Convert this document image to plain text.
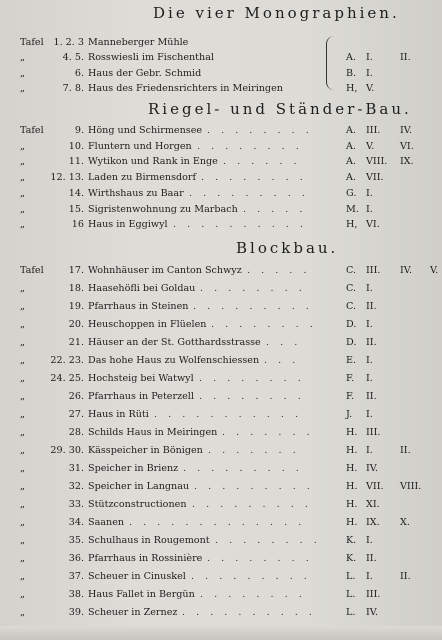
Die vier Monographien.
Riegel- und Ständer-Bau.
Blockbau.
Tafel 1. 2. 3 Manneberger Mühle
„	4. 5. Rosswiesli im Fischenthal	A. I.	II.
„	6. Haus der Gebr. Schmid	B. I.
„	7. 8. Haus des Friedensrichters in Meiringen	H, V.
Tafel	9. Höng und Schirmensee . . . . . . . .	A. III. IV.
„	10. Fluntern und Horgen . . . . . . . .	A. V.	VI.
„	11. Wytikon und Rank in Enge . . . . . .	A. VIII. IX.
„	12. 13. Laden zu Birmensdorf . . . . . . . .	A. VII.
„	14. Wirthshaus zu Baar . . . . . . . . .	G. I.
„	15. Sigristenwohnung zu Marbach . . . . .	M. I.
„	16 Haus in Eggiwyl . . . . . . . . . .	H, VI.
Tafel	17. Wohnhäuser im Canton Schwyz . . . . .	C. III. IV. V.
„	18. Haasehöfli bei Goldau . . . . . . . .	C. I.
„	19. Pfarrhaus in Steinen . . . . . . . . .	C. II.
„	20. Heuschoppen in Flüelen . . . . . . . .	D. I.
„	21. Häuser an der St. Gotthardsstrasse . . .	D. II.
„	22. 23. Das hohe Haus zu Wolfenschiessen . . .	E. I.
„	24. 25. Hochsteig bei Watwyl . . . . . . . .	F. I.
„	26. Pfarrhaus in Peterzell . . . . . . . .	F. II.
„	27. Haus in Rüti . . . . . . . . . . .	J. I.
„	28. Schilds Haus in Meiringen . . . . . . .	H. III.
„	29. 30. Kässpeicher in Bönigen . . . . . . .	H. I.	II.
„	31. Speicher in Brienz . . . . . . . . .	H. IV.
„	32. Speicher in Langnau . . . . . . . . .	H. VII. VIII.
„	33. Stützconstructionen . . . . . . . . .	H. XI.
„	34. Saanen . . . . . . . . . . . . .	H. IX. X.
„	35. Schulhaus in Rougemont . . . . . . . .	K. I.
„	36. Pfarrhaus in Rossinière . . . . . . . .	K. II.
„	37. Scheuer in Cinuskel . . . . . . . . .	L. I.	II.
„	38. Haus Fallet in Bergün . . . . . . . .	L. III.
„	39. Scheuer in Zernez . . . . . . . . . .	L. IV.
